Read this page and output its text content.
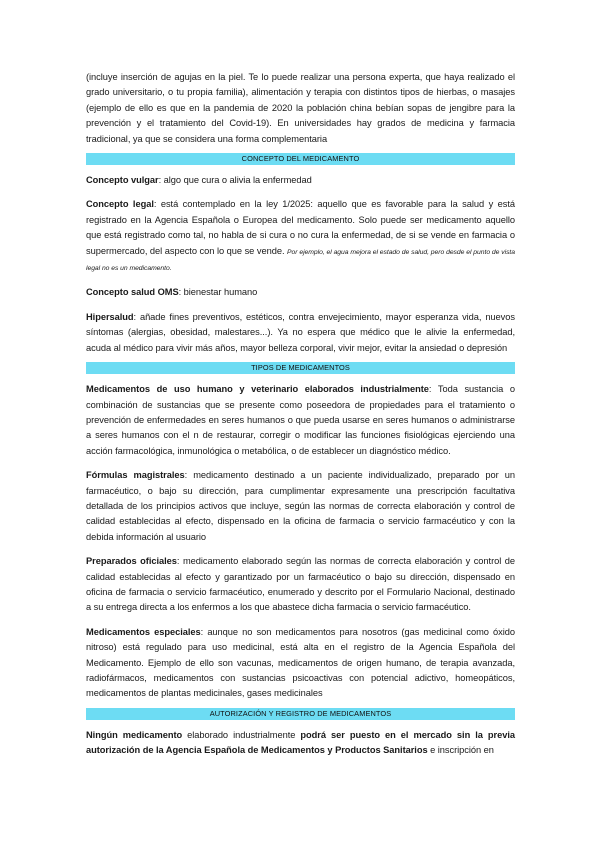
(incluye inserción de agujas en la piel. Te lo puede realizar una persona experta, que haya realizado el grado universitario, o tu propia familia), alimentación y terapia con distintos tipos de hierbas, o masajes (ejemplo de ello es que en la pandemia de 2020 la población china bebían sopas de jengibre para la prevención y el tratamiento del Covid-19). En universidades hay grados de medicina y farmacia tradicional, ya que se considera una forma complementaria

CONCEPTO DEL MEDICAMENTO

Concepto vulgar: algo que cura o alivia la enfermedad

Concepto legal: está contemplado en la ley 1/2025: aquello que es favorable para la salud y está registrado en la Agencia Española o Europea del medicamento. Solo puede ser medicamento aquello que está registrado como tal, no habla de si cura o no cura la enfermedad, de si se vende en farmacia o supermercado, del aspecto con lo que se vende. Por ejemplo, el agua mejora el estado de salud, pero desde el punto de vista legal no es un medicamento.

Concepto salud OMS: bienestar humano

Hipersalud: añade fines preventivos, estéticos, contra envejecimiento, mayor esperanza vida, nuevos síntomas (alergias, obesidad, malestares...). Ya no espera que médico que le alivie la enfermedad, acuda al médico para vivir más años, mayor belleza corporal, vivir mejor, evitar la ansiedad o depresión

TIPOS DE MEDICAMENTOS

Medicamentos de uso humano y veterinario elaborados industrialmente: Toda sustancia o combinación de sustancias que se presente como poseedora de propiedades para el tratamiento o prevención de enfermedades en seres humanos o que pueda usarse en seres humanos o administrarse a seres humanos con el n de restaurar, corregir o modificar las funciones fisiológicas ejerciendo una acción farmacológica, inmunológica o metabólica, o de establecer un diagnóstico médico.

Fórmulas magistrales: medicamento destinado a un paciente individualizado, preparado por un farmacéutico, o bajo su dirección, para cumplimentar expresamente una prescripción facultativa detallada de los principios activos que incluye, según las normas de correcta elaboración y control de calidad establecidas al efecto, dispensado en la oficina de farmacia o servicio farmacéutico y con la debida información al usuario

Preparados oficiales: medicamento elaborado según las normas de correcta elaboración y control de calidad establecidas al efecto y garantizado por un farmacéutico o bajo su dirección, dispensado en oficina de farmacia o servicio farmacéutico, enumerado y descrito por el Formulario Nacional, destinado a su entrega directa a los enfermos a los que abastece dicha farmacia o servicio farmacéutico.

Medicamentos especiales: aunque no son medicamentos para nosotros (gas medicinal como óxido nitroso) está regulado para uso medicinal, está alta en el registro de la Agencia Española del Medicamento. Ejemplo de ello son vacunas, medicamentos de origen humano, de terapia avanzada, radiofármacos, medicamentos con sustancias psicoactivas con potencial adictivo, homeopáticos, medicamentos de plantas medicinales, gases medicinales

AUTORIZACIÓN Y REGISTRO DE MEDICAMENTOS

Ningún medicamento elaborado industrialmente podrá ser puesto en el mercado sin la previa autorización de la Agencia Española de Medicamentos y Productos Sanitarios e inscripción en
